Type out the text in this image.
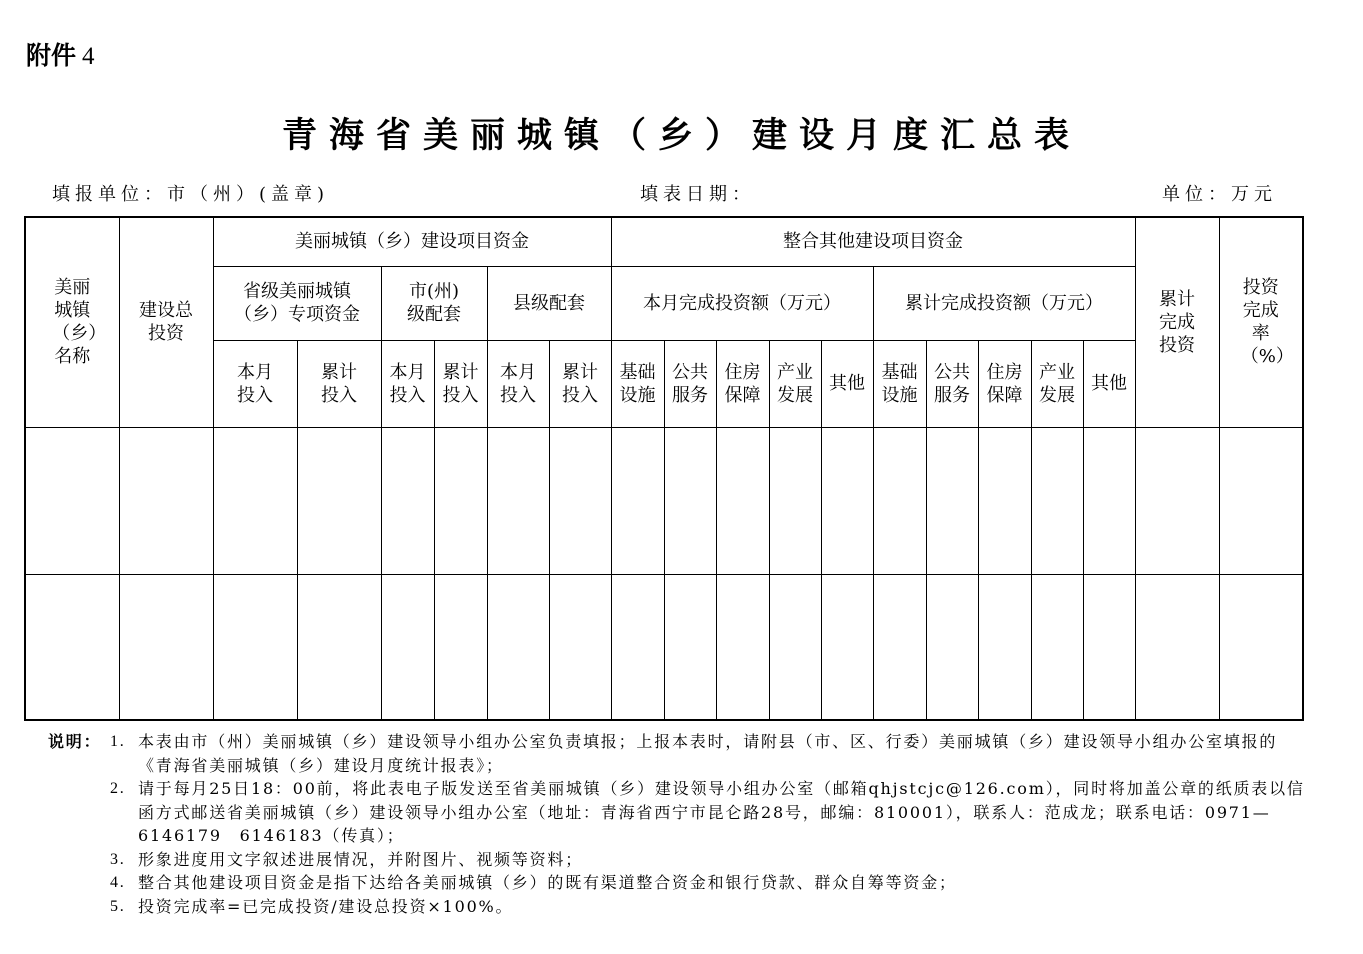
附件 4
青海省美丽城镇（乡）建设月度汇总表
填报单位：市（州）(盖章)	填表日期：	单位：万元
美丽城镇（乡）名称	建设总投资	美丽城镇（乡）建设项目资金						整合其他建设项目资金										累计完成投资	投资完成率（%）

		省级美丽城镇（乡）专项资金		市(州)级配套		县级配套		本月完成投资额（万元）					累计完成投资额（万元）						

		本月投入	累计投入	本月投入	累计投入	本月投入	累计投入	基础设施	公共服务	住房保障	产业发展	其他	基础设施	公共服务	住房保障	产业发展	其他		

说明： 1. 本表由市（州）美丽城镇（乡）建设领导小组办公室负责填报；上报本表时，请附县（市、区、行委）美丽城镇（乡）建设领导小组办公室填报的《青海省美丽城镇（乡）建设月度统计报表》；
2. 请于每月25日18：00前，将此表电子版发送至省美丽城镇（乡）建设领导小组办公室（邮箱qhjstcjc@126.com），同时将加盖公章的纸质表以信函方式邮送省美丽城镇（乡）建设领导小组办公室（地址：青海省西宁市昆仑路28号，邮编：810001），联系人：范成龙；联系电话：0971—6146179　6146183（传真）；
3. 形象进度用文字叙述进展情况，并附图片、视频等资料；
4. 整合其他建设项目资金是指下达给各美丽城镇（乡）的既有渠道整合资金和银行贷款、群众自筹等资金；
5. 投资完成率=已完成投资/建设总投资×100%。
